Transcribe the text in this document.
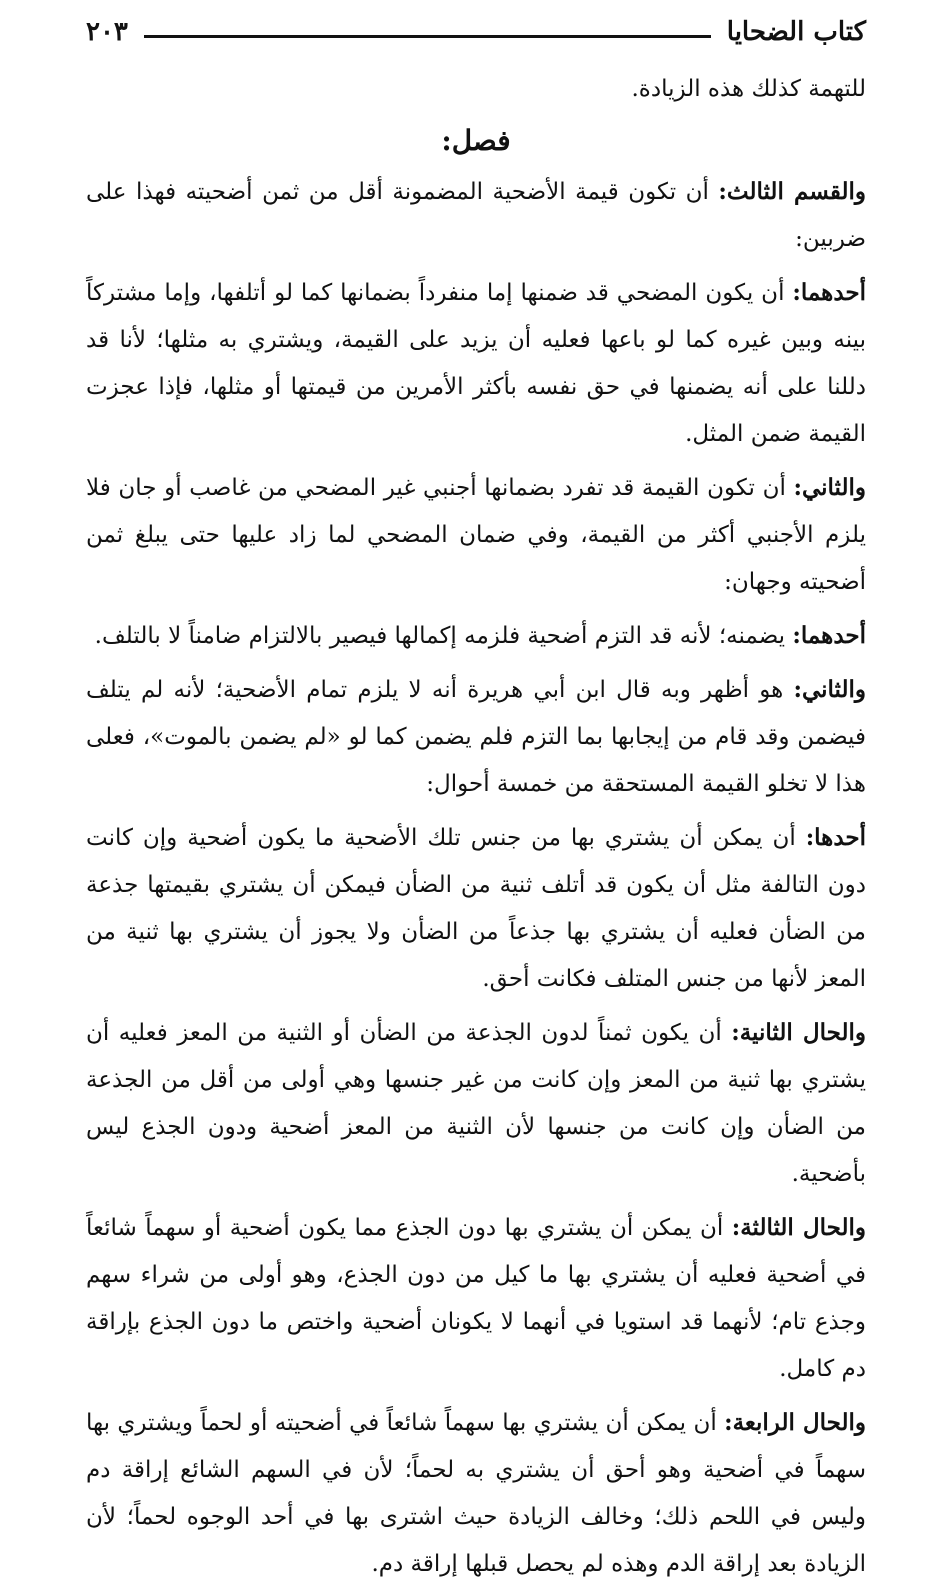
كتاب الضحايا
٢٠٣

للتهمة كذلك هذه الزيادة.

فصل:

والقسم الثالث: أن تكون قيمة الأضحية المضمونة أقل من ثمن أضحيته فهذا على ضربين:

أحدهما: أن يكون المضحي قد ضمنها إما منفرداً بضمانها كما لو أتلفها، وإما مشتركاً بينه وبين غيره كما لو باعها فعليه أن يزيد على القيمة، ويشتري به مثلها؛ لأنا قد دللنا على أنه يضمنها في حق نفسه بأكثر الأمرين من قيمتها أو مثلها، فإذا عجزت القيمة ضمن المثل.

والثاني: أن تكون القيمة قد تفرد بضمانها أجنبي غير المضحي من غاصب أو جان فلا يلزم الأجنبي أكثر من القيمة، وفي ضمان المضحي لما زاد عليها حتى يبلغ ثمن أضحيته وجهان:

أحدهما: يضمنه؛ لأنه قد التزم أضحية فلزمه إكمالها فيصير بالالتزام ضامناً لا بالتلف.

والثاني: هو أظهر وبه قال ابن أبي هريرة أنه لا يلزم تمام الأضحية؛ لأنه لم يتلف فيضمن وقد قام من إيجابها بما التزم فلم يضمن كما لو «لم يضمن بالموت»، فعلى هذا لا تخلو القيمة المستحقة من خمسة أحوال:

أحدها: أن يمكن أن يشتري بها من جنس تلك الأضحية ما يكون أضحية وإن كانت دون التالفة مثل أن يكون قد أتلف ثنية من الضأن فيمكن أن يشتري بقيمتها جذعة من الضأن فعليه أن يشتري بها جذعاً من الضأن ولا يجوز أن يشتري بها ثنية من المعز لأنها من جنس المتلف فكانت أحق.

والحال الثانية: أن يكون ثمناً لدون الجذعة من الضأن أو الثنية من المعز فعليه أن يشتري بها ثنية من المعز وإن كانت من غير جنسها وهي أولى من أقل من الجذعة من الضأن وإن كانت من جنسها لأن الثنية من المعز أضحية ودون الجذع ليس بأضحية.

والحال الثالثة: أن يمكن أن يشتري بها دون الجذع مما يكون أضحية أو سهماً شائعاً في أضحية فعليه أن يشتري بها ما كيل من دون الجذع، وهو أولى من شراء سهم وجذع تام؛ لأنهما قد استويا في أنهما لا يكونان أضحية واختص ما دون الجذع بإراقة دم كامل.

والحال الرابعة: أن يمكن أن يشتري بها سهماً شائعاً في أضحيته أو لحماً ويشتري بها سهماً في أضحية وهو أحق أن يشتري به لحماً؛ لأن في السهم الشائع إراقة دم وليس في اللحم ذلك؛ وخالف الزيادة حيث اشترى بها في أحد الوجوه لحماً؛ لأن الزيادة بعد إراقة الدم وهذه لم يحصل قبلها إراقة دم.
